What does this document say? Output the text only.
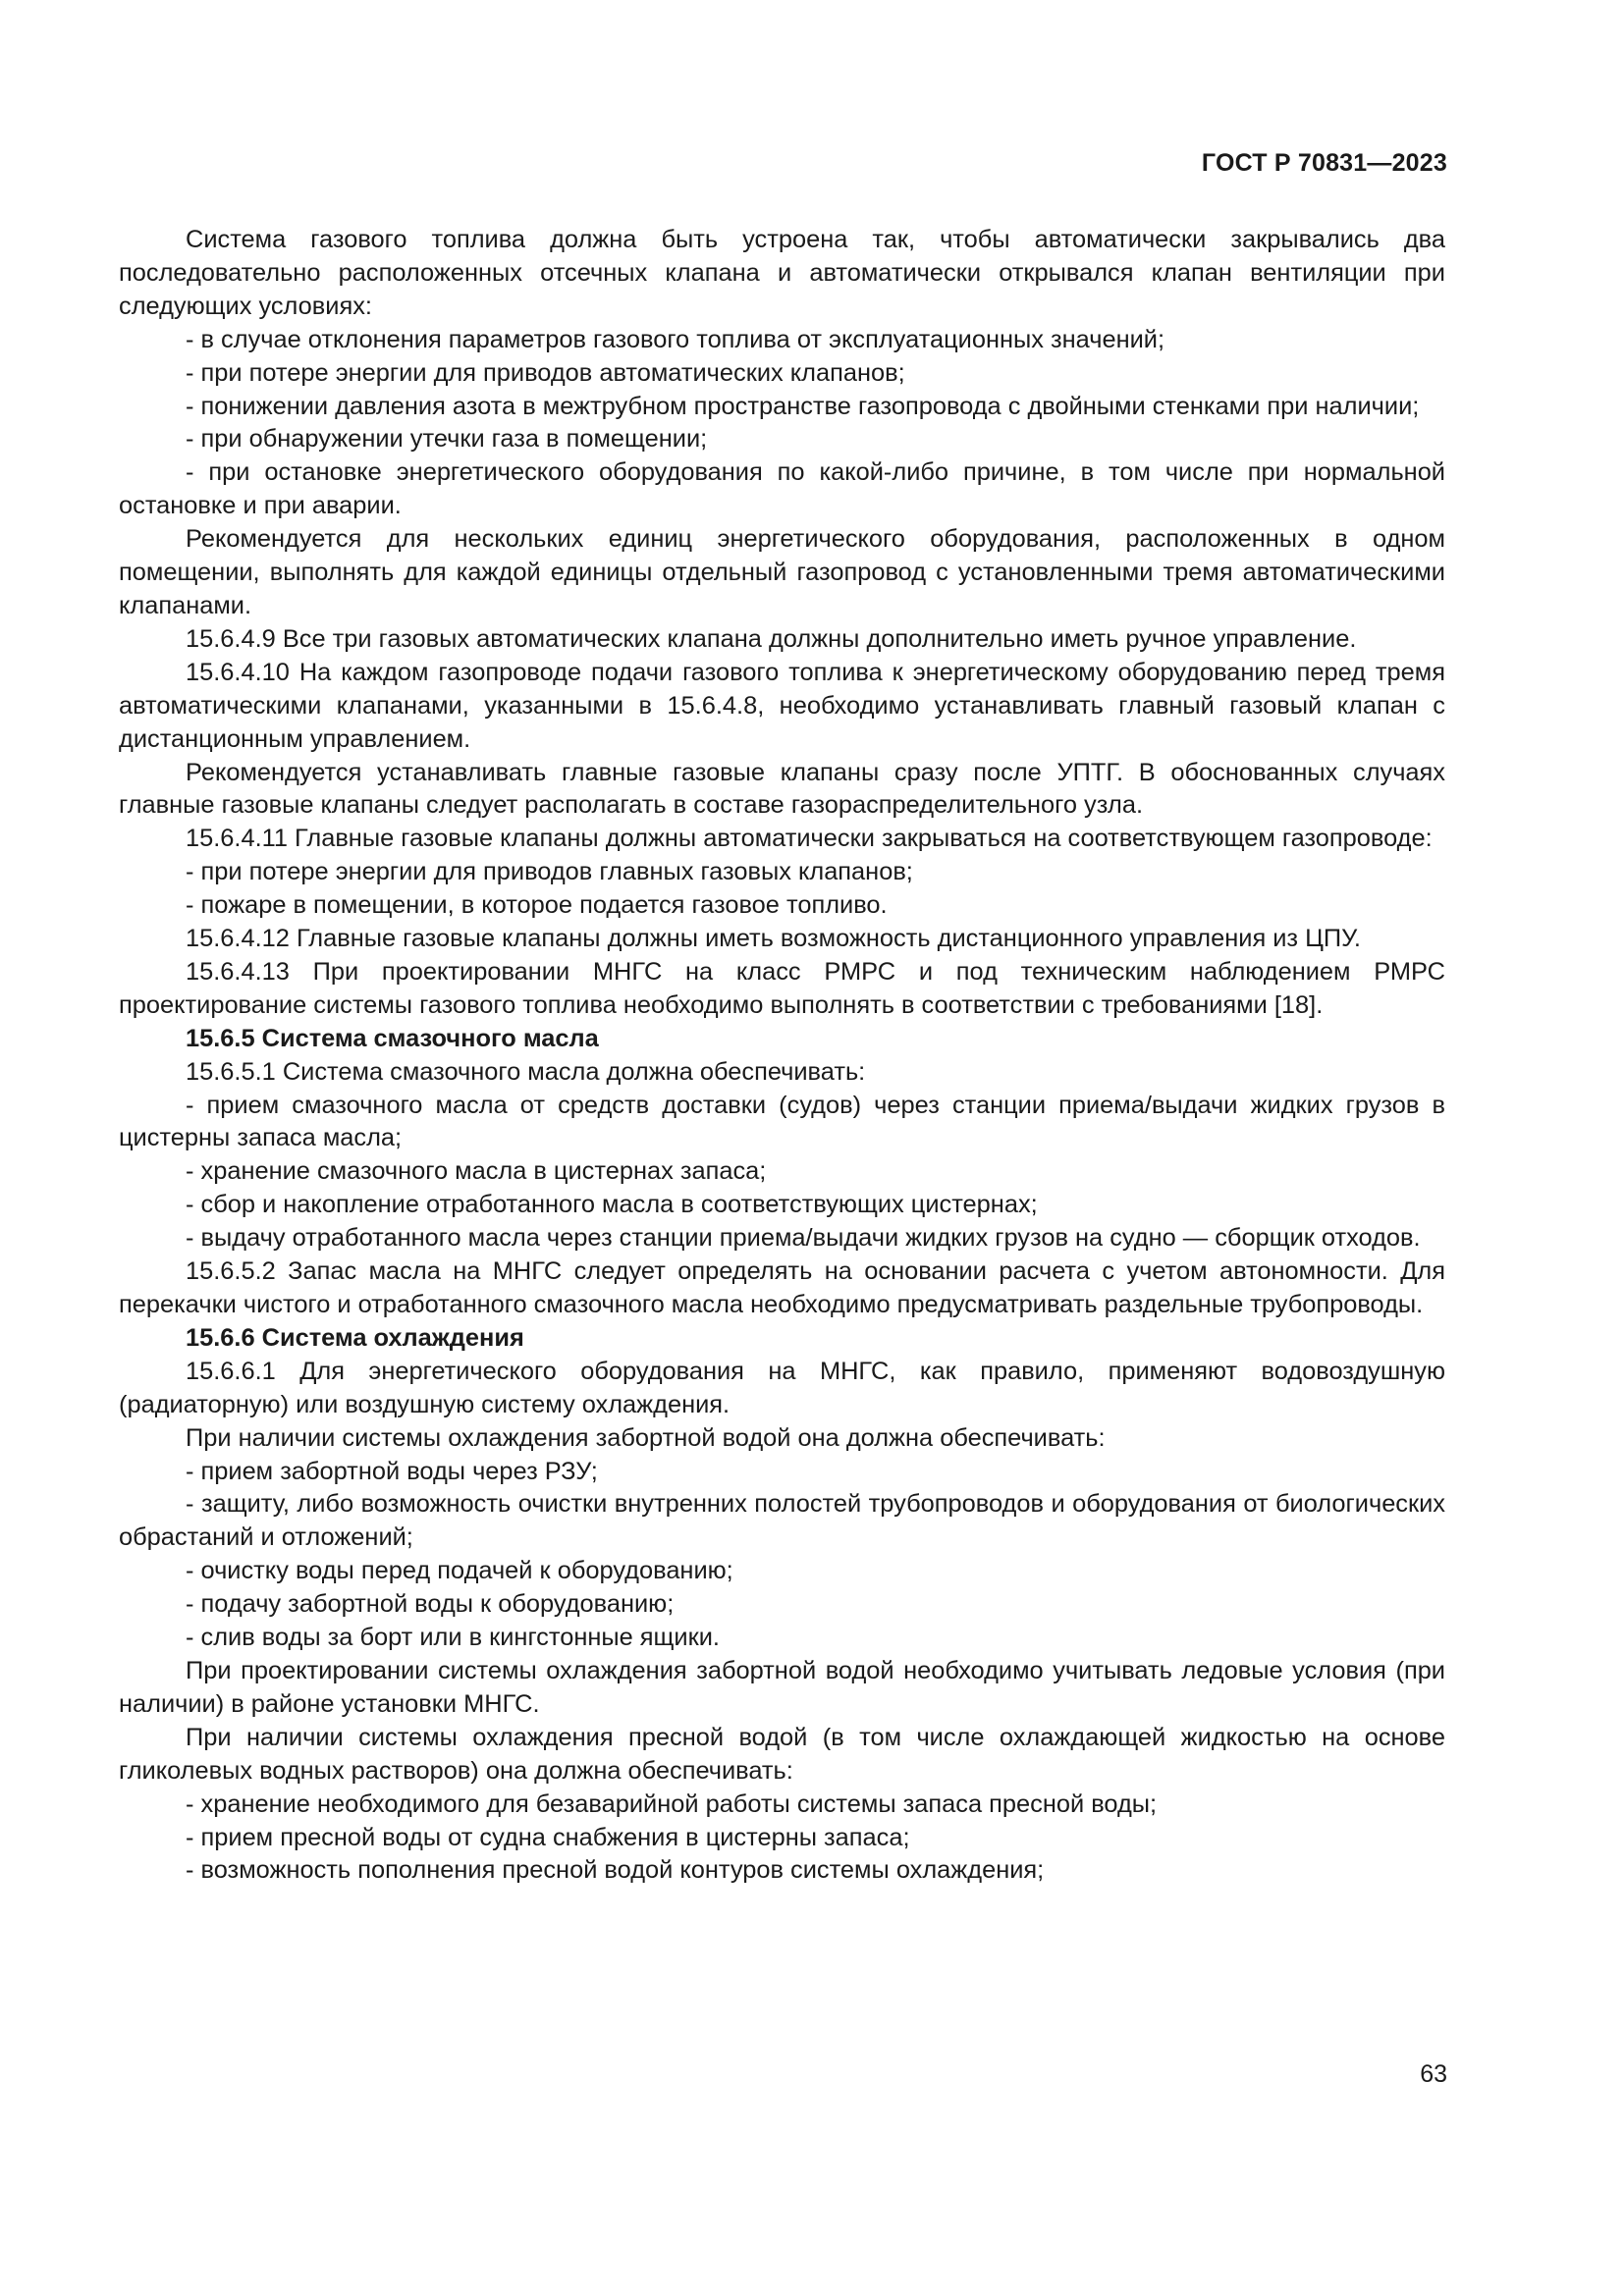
ГОСТ Р 70831—2023

Система газового топлива должна быть устроена так, чтобы автоматически закрывались два последовательно расположенных отсечных клапана и автоматически открывался клапан вентиляции при следующих условиях:

- в случае отклонения параметров газового топлива от эксплуатационных значений;

- при потере энергии для приводов автоматических клапанов;

- понижении давления азота в межтрубном пространстве газопровода с двойными стенками при наличии;

- при обнаружении утечки газа в помещении;

- при остановке энергетического оборудования по какой-либо причине, в том числе при нормальной остановке и при аварии.

Рекомендуется для нескольких единиц энергетического оборудования, расположенных в одном помещении, выполнять для каждой единицы отдельный газопровод с установленными тремя автоматическими клапанами.

15.6.4.9 Все три газовых автоматических клапана должны дополнительно иметь ручное управление.

15.6.4.10 На каждом газопроводе подачи газового топлива к энергетическому оборудованию перед тремя автоматическими клапанами, указанными в 15.6.4.8, необходимо устанавливать главный газовый клапан с дистанционным управлением.

Рекомендуется устанавливать главные газовые клапаны сразу после УПТГ. В обоснованных случаях главные газовые клапаны следует располагать в составе газораспределительного узла.

15.6.4.11 Главные газовые клапаны должны автоматически закрываться на соответствующем газопроводе:

- при потере энергии для приводов главных газовых клапанов;

- пожаре в помещении, в которое подается газовое топливо.

15.6.4.12 Главные газовые клапаны должны иметь возможность дистанционного управления из ЦПУ.

15.6.4.13 При проектировании МНГС на класс РМРС и под техническим наблюдением РМРС проектирование системы газового топлива необходимо выполнять в соответствии с требованиями [18].

15.6.5 Система смазочного масла

15.6.5.1 Система смазочного масла должна обеспечивать:

- прием смазочного масла от средств доставки (судов) через станции приема/выдачи жидких грузов в цистерны запаса масла;

- хранение смазочного масла в цистернах запаса;

- сбор и накопление отработанного масла в соответствующих цистернах;

- выдачу отработанного масла через станции приема/выдачи жидких грузов на судно — сборщик отходов.

15.6.5.2 Запас масла на МНГС следует определять на основании расчета с учетом автономности. Для перекачки чистого и отработанного смазочного масла необходимо предусматривать раздельные трубопроводы.

15.6.6 Система охлаждения

15.6.6.1 Для энергетического оборудования на МНГС, как правило, применяют водовоздушную (радиаторную) или воздушную систему охлаждения.

При наличии системы охлаждения забортной водой она должна обеспечивать:

- прием забортной воды через РЗУ;

- защиту, либо возможность очистки внутренних полостей трубопроводов и оборудования от биологических обрастаний и отложений;

- очистку воды перед подачей к оборудованию;

- подачу забортной воды к оборудованию;

- слив воды за борт или в кингстонные ящики.

При проектировании системы охлаждения забортной водой необходимо учитывать ледовые условия (при наличии) в районе установки МНГС.

При наличии системы охлаждения пресной водой (в том числе охлаждающей жидкостью на основе гликолевых водных растворов) она должна обеспечивать:

- хранение необходимого для безаварийной работы системы запаса пресной воды;

- прием пресной воды от судна снабжения в цистерны запаса;

- возможность пополнения пресной водой контуров системы охлаждения;

63
